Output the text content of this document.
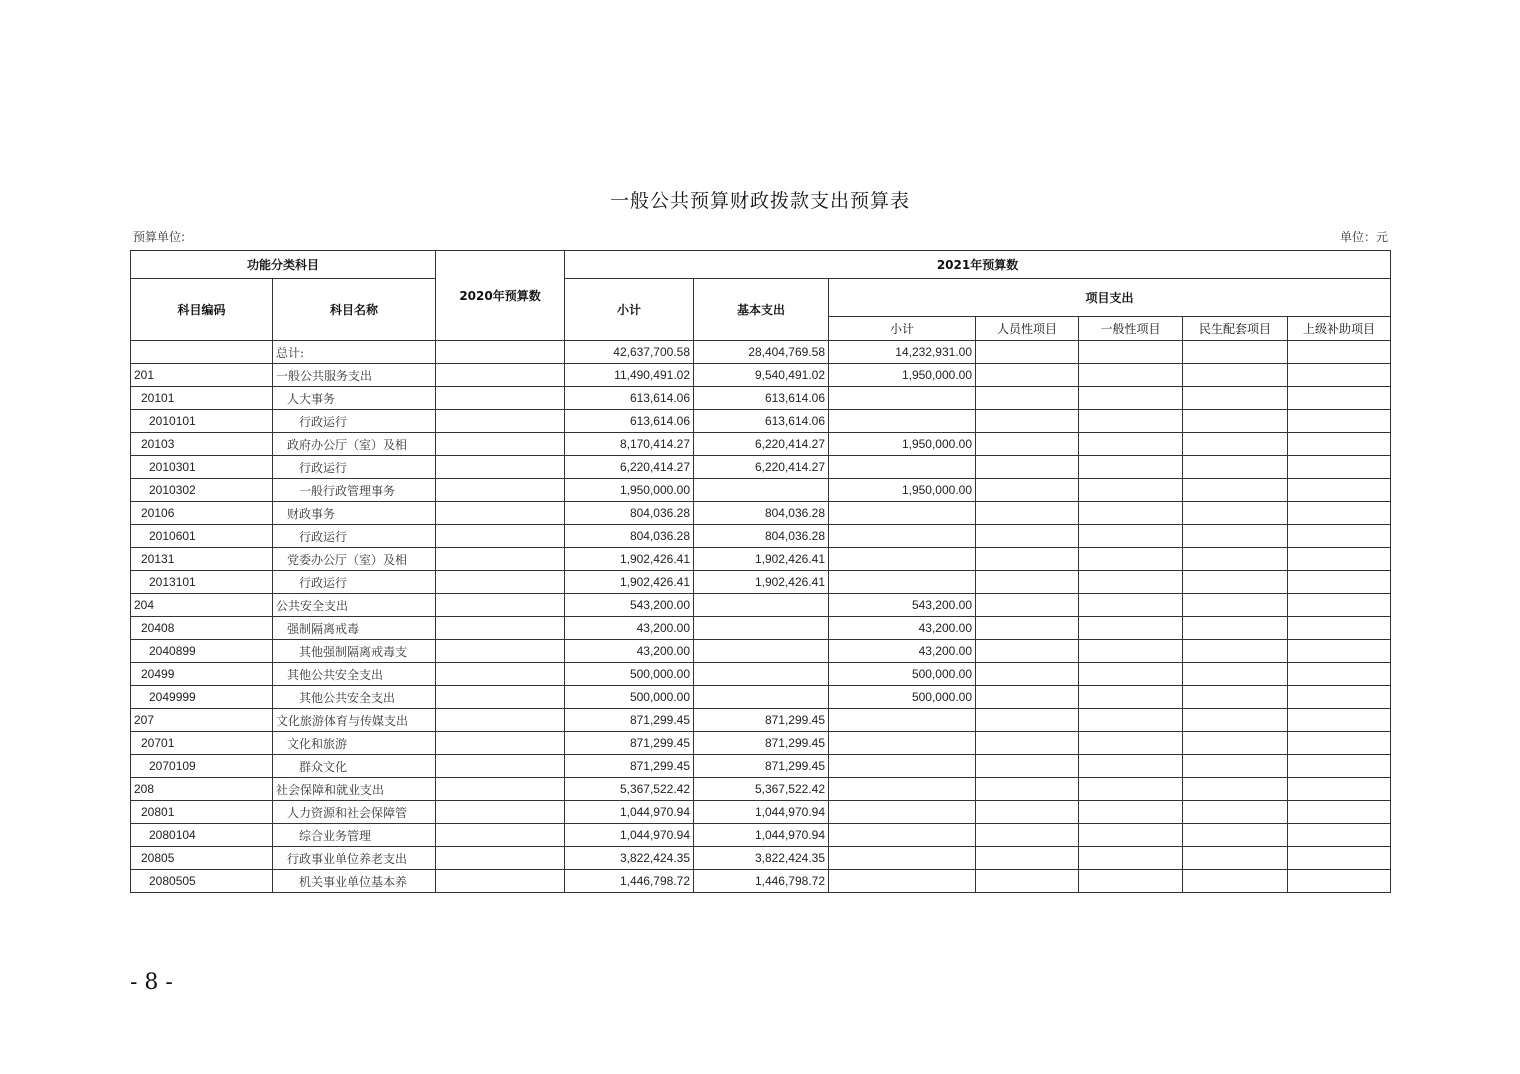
一般公共预算财政拨款支出预算表
预算单位:	单位：元
功能分类科目		2020年预算数	2021年预算数						
科目编码	科目名称		小计	基本支出	项目支出				
					小计	人员性项目	一般性项目	民生配套项目	上级补助项目
	总计:		42,637,700.58	28,404,769.58	14,232,931.00				
201	一般公共服务支出		11,490,491.02	9,540,491.02	1,950,000.00				
20101	人大事务		613,614.06	613,614.06					
2010101	行政运行		613,614.06	613,614.06					
20103	政府办公厅（室）及相		8,170,414.27	6,220,414.27	1,950,000.00				
2010301	行政运行		6,220,414.27	6,220,414.27					
2010302	一般行政管理事务		1,950,000.00		1,950,000.00				
20106	财政事务		804,036.28	804,036.28					
2010601	行政运行		804,036.28	804,036.28					
20131	党委办公厅（室）及相		1,902,426.41	1,902,426.41					
2013101	行政运行		1,902,426.41	1,902,426.41					
204	公共安全支出		543,200.00		543,200.00				
20408	强制隔离戒毒		43,200.00		43,200.00				
2040899	其他强制隔离戒毒支		43,200.00		43,200.00				
20499	其他公共安全支出		500,000.00		500,000.00				
2049999	其他公共安全支出		500,000.00		500,000.00				
207	文化旅游体育与传媒支出		871,299.45	871,299.45					
20701	文化和旅游		871,299.45	871,299.45					
2070109	群众文化		871,299.45	871,299.45					
208	社会保障和就业支出		5,367,522.42	5,367,522.42					
20801	人力资源和社会保障管		1,044,970.94	1,044,970.94					
2080104	综合业务管理		1,044,970.94	1,044,970.94					
20805	行政事业单位养老支出		3,822,424.35	3,822,424.35					
2080505	机关事业单位基本养		1,446,798.72	1,446,798.72					
- 8 -
